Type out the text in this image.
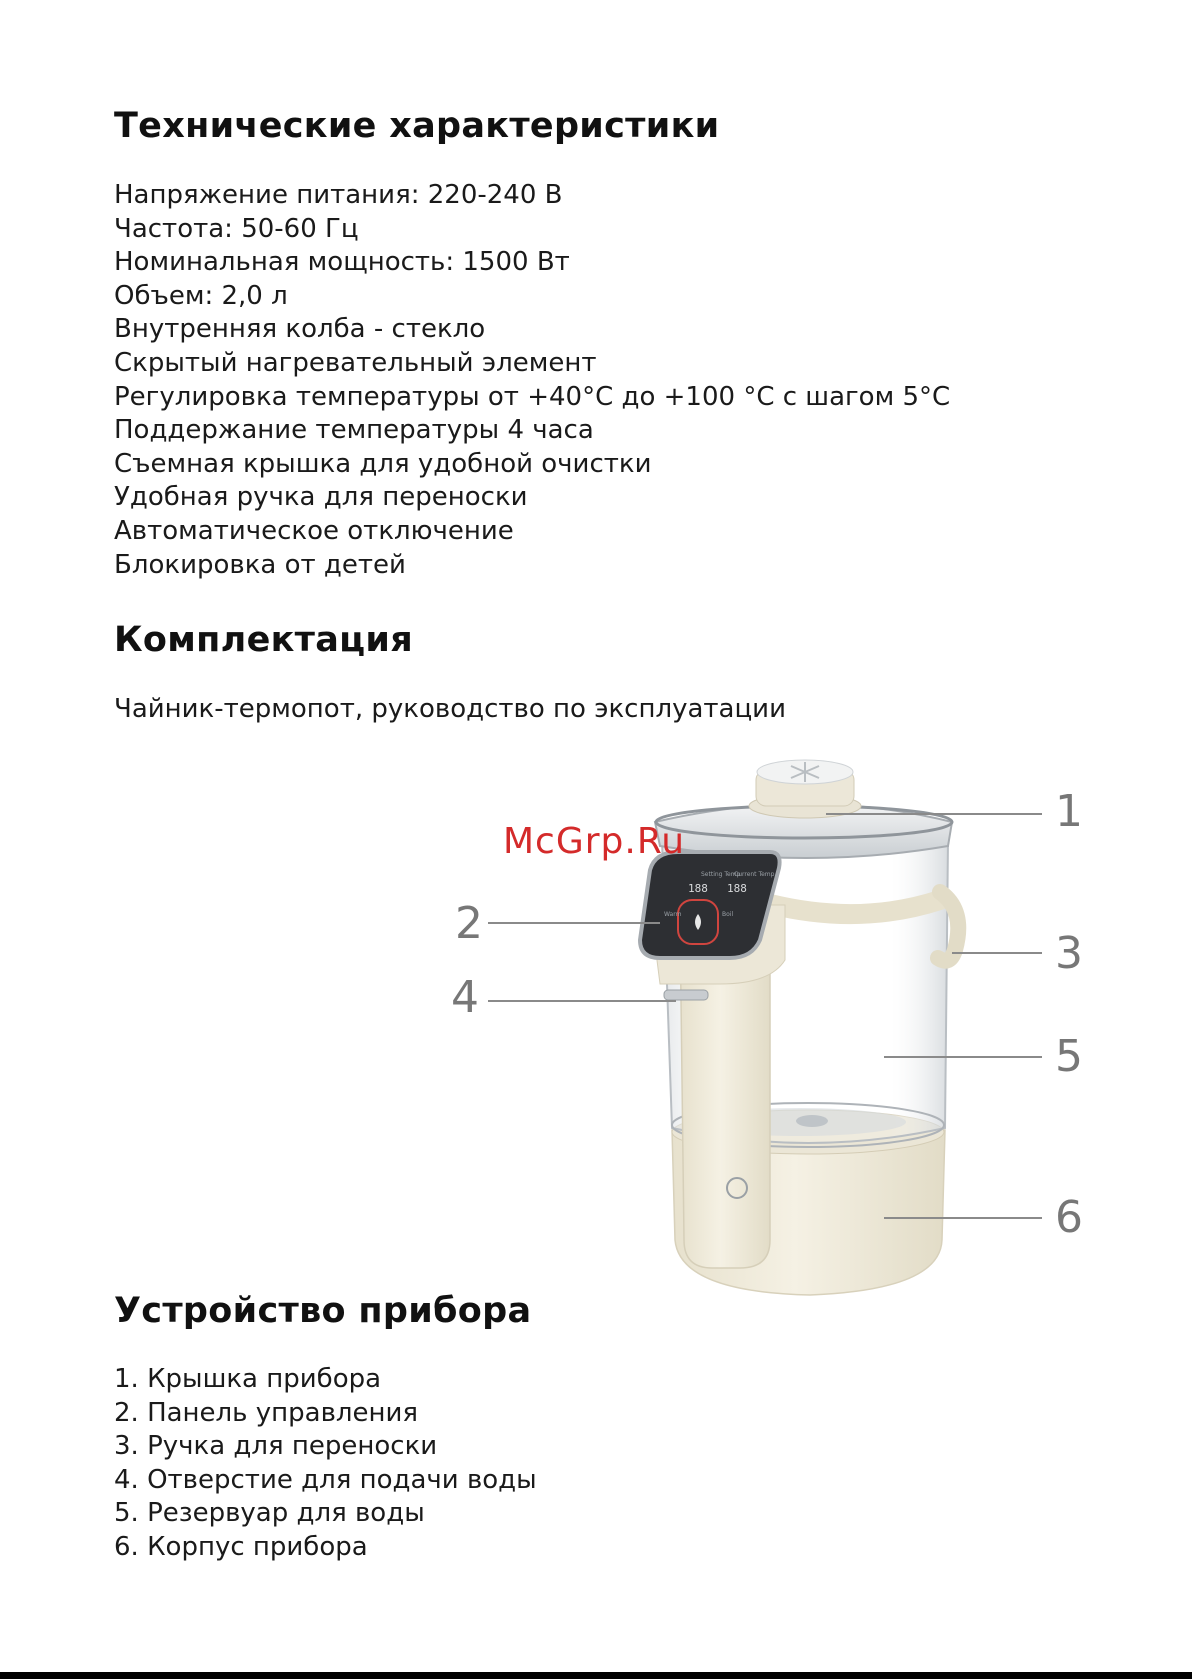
Технические характеристики
Напряжение питания: 220-240 В
Частота: 50-60 Гц
Номинальная мощность: 1500 Вт
Объем: 2,0 л
Внутренняя колба - стекло
Скрытый нагревательный элемент
Регулировка температуры от +40°С до +100 °С с шагом 5°С
Поддержание температуры 4 часа
Съемная крышка для удобной очистки
Удобная ручка для переноски
Автоматическое отключение
Блокировка от детей
Комплектация

Чайник-термопот, руководство по эксплуатации

Setting Temp
Current Temp
188 188
Warm	Boil
McGrp.Ru
1
2
3
4
5
6
Устройство прибора
1. Крышка прибора
2. Панель управления
3. Ручка для переноски
4. Отверстие для подачи воды
5. Резервуар для воды
6. Корпус прибора
